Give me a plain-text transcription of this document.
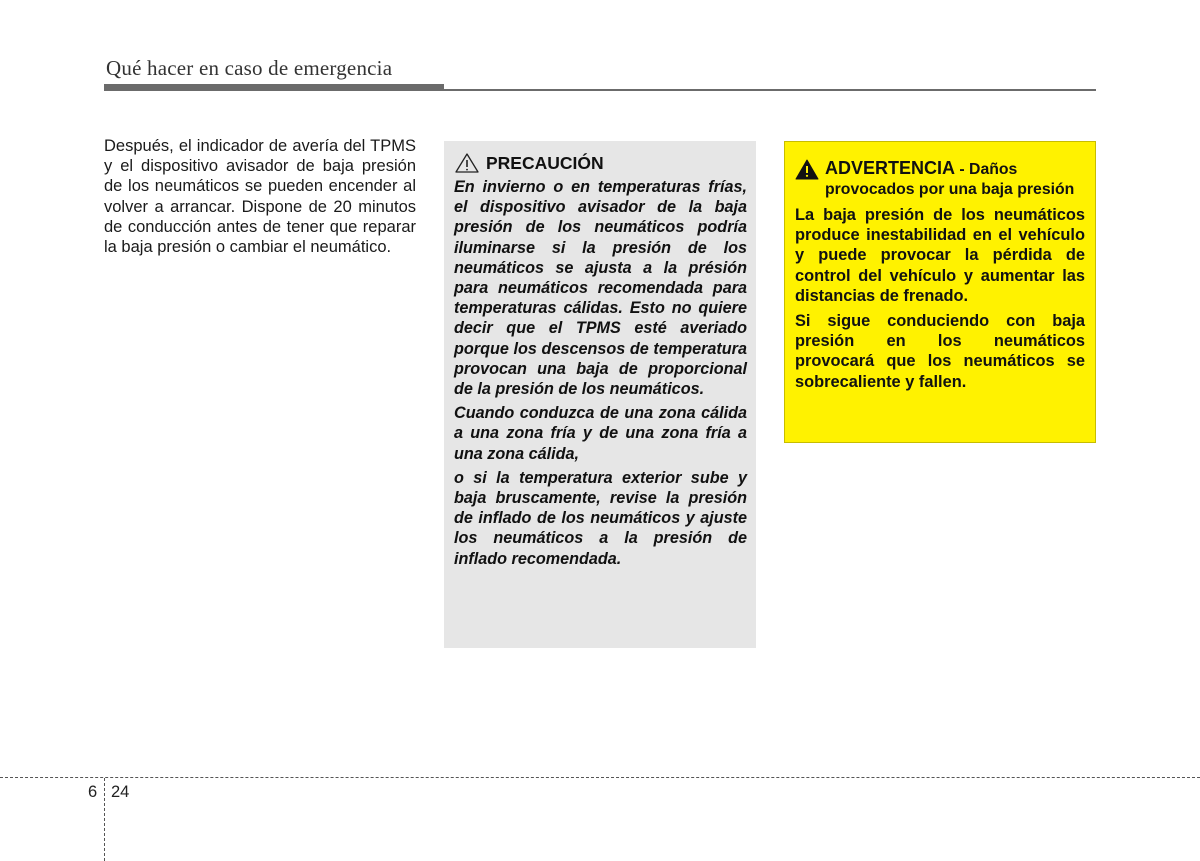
Qué hacer en caso de emergencia
Después, el indicador de avería del TPMS y el dispositivo avisador de baja presión de los neumáticos se pueden encender al volver a arrancar. Dispone de 20 minutos de conducción antes de tener que reparar la baja presión o cambiar el neumático.
PRECAUCIÓN

En invierno o en temperaturas frías, el dispositivo avisador de la baja presión de los neumáticos podría iluminarse si la presión de los neumáticos se ajusta a la présión para neumáticos recomendada para temperaturas cálidas. Esto no quiere decir que el TPMS esté averiado porque los descensos de temperatura provocan una baja de proporcional de la presión de los neumáticos.

Cuando conduzca de una zona cálida a una zona fría y de una zona fría a una zona cálida,

o si la temperatura exterior sube y baja bruscamente, revise la presión de inflado de los neumáticos y ajuste los neumáticos a la presión de inflado recomendada.

ADVERTENCIA - Daños provocados por una baja presión

La baja presión de los neumáticos produce inestabilidad en el vehículo y puede provocar la pérdida de control del vehículo y aumentar las distancias de frenado.

Si sigue conduciendo con baja presión en los neumáticos provocará que los neumáticos se sobrecaliente y fallen.

6 24
